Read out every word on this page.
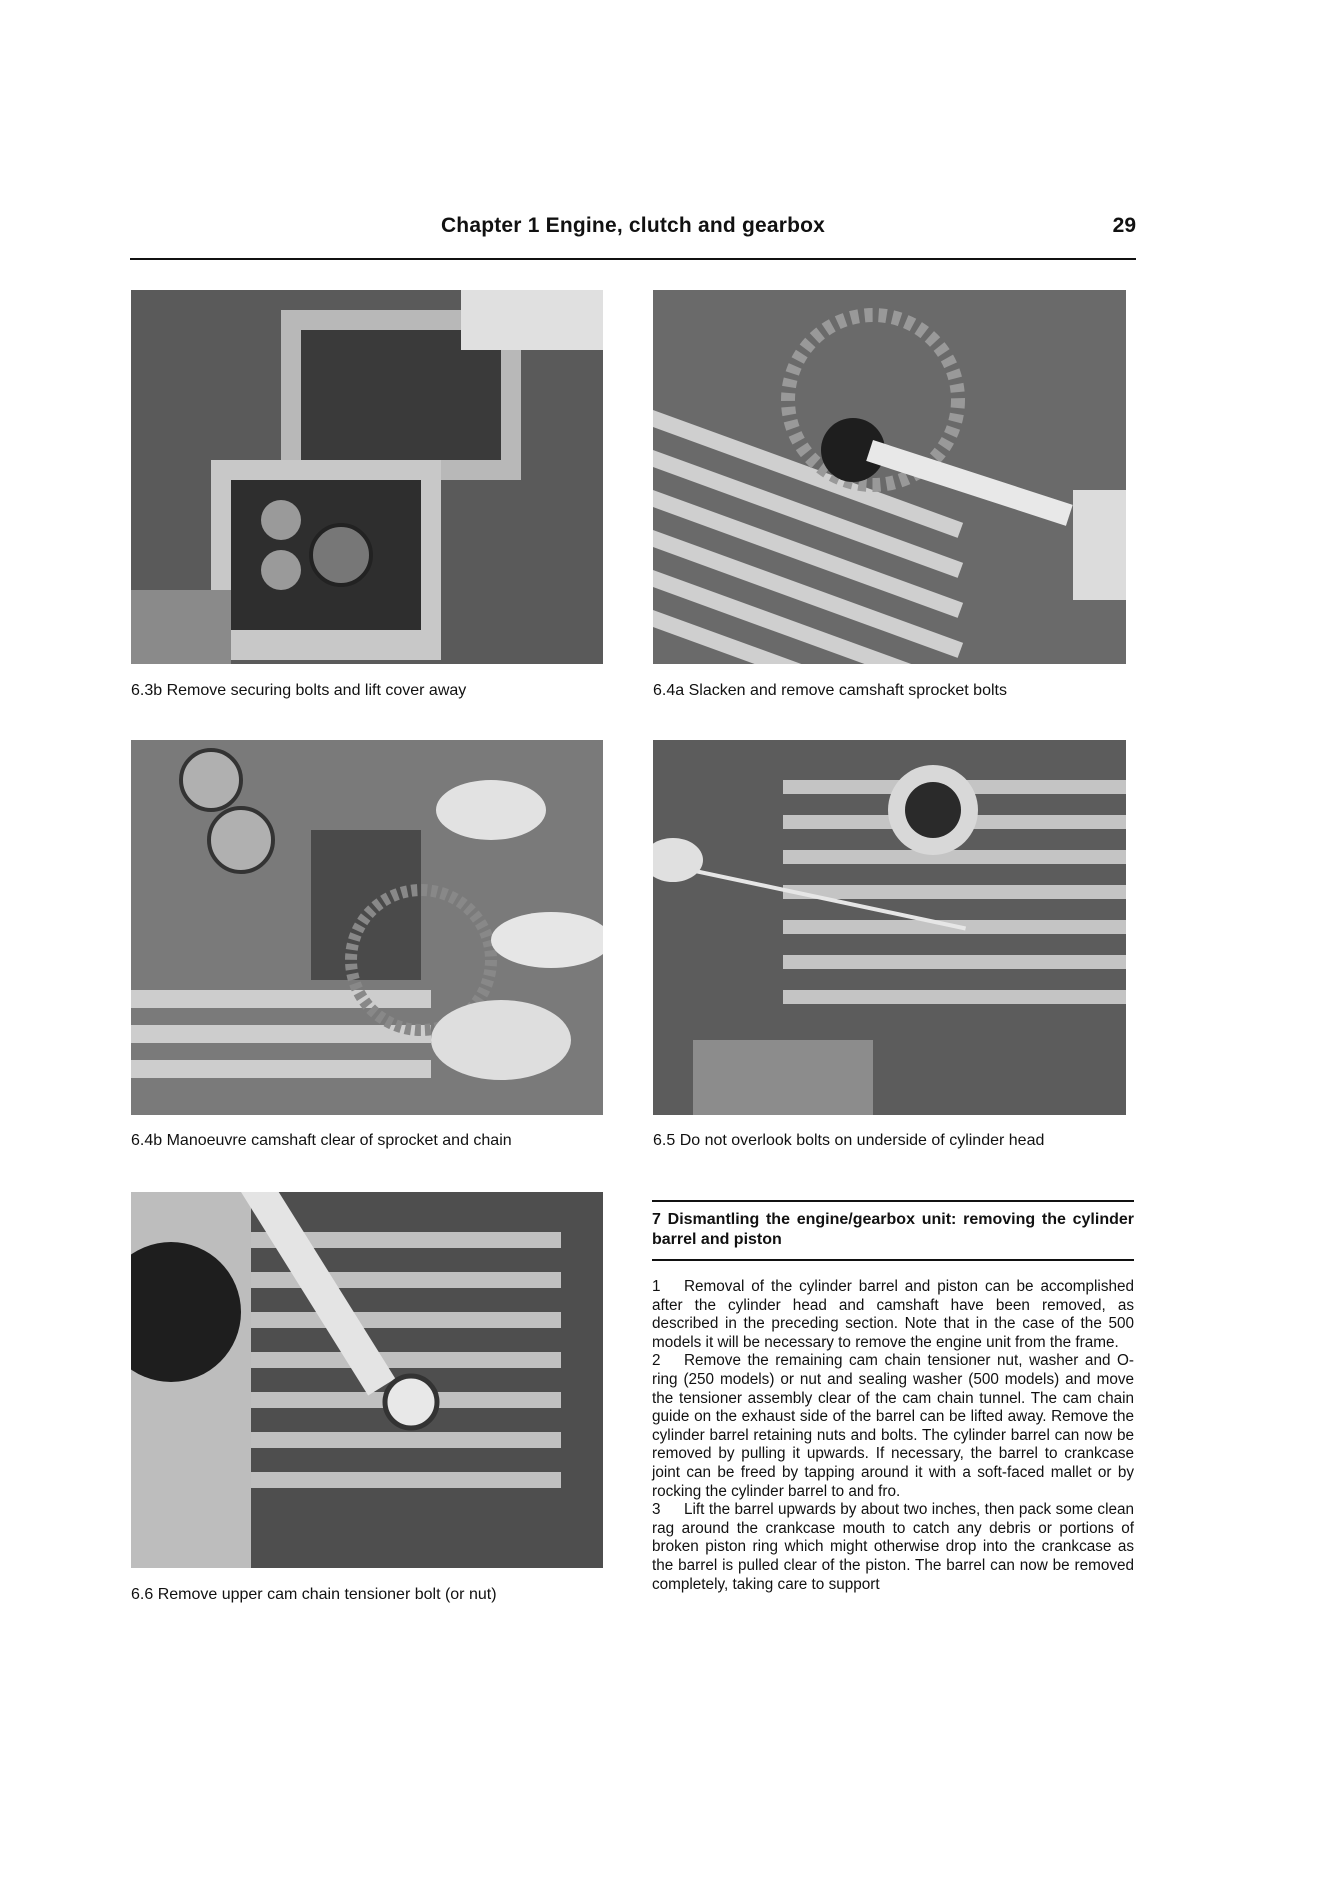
Chapter 1 Engine, clutch and gearbox	29
6.3b Remove securing bolts and lift cover away	6.4a Slacken and remove camshaft sprocket bolts
6.4b Manoeuvre camshaft clear of sprocket and chain	6.5 Do not overlook bolts on underside of cylinder head
6.6 Remove upper cam chain tensioner bolt (or nut)
7 Dismantling the engine/gearbox unit: removing the cylinder barrel and piston

1 Removal of the cylinder barrel and piston can be accomplished after the cylinder head and camshaft have been removed, as described in the preceding section. Note that in the case of the 500 models it will be necessary to remove the engine unit from the frame.

2 Remove the remaining cam chain tensioner nut, washer and O-ring (250 models) or nut and sealing washer (500 models) and move the tensioner assembly clear of the cam chain tunnel. The cam chain guide on the exhaust side of the barrel can be lifted away. Remove the cylinder barrel retaining nuts and bolts. The cylinder barrel can now be removed by pulling it upwards. If necessary, the barrel to crankcase joint can be freed by tapping around it with a soft-faced mallet or by rocking the cylinder barrel to and fro.

3 Lift the barrel upwards by about two inches, then pack some clean rag around the crankcase mouth to catch any debris or portions of broken piston ring which might otherwise drop into the crankcase as the barrel is pulled clear of the piston. The barrel can now be removed completely, taking care to support
